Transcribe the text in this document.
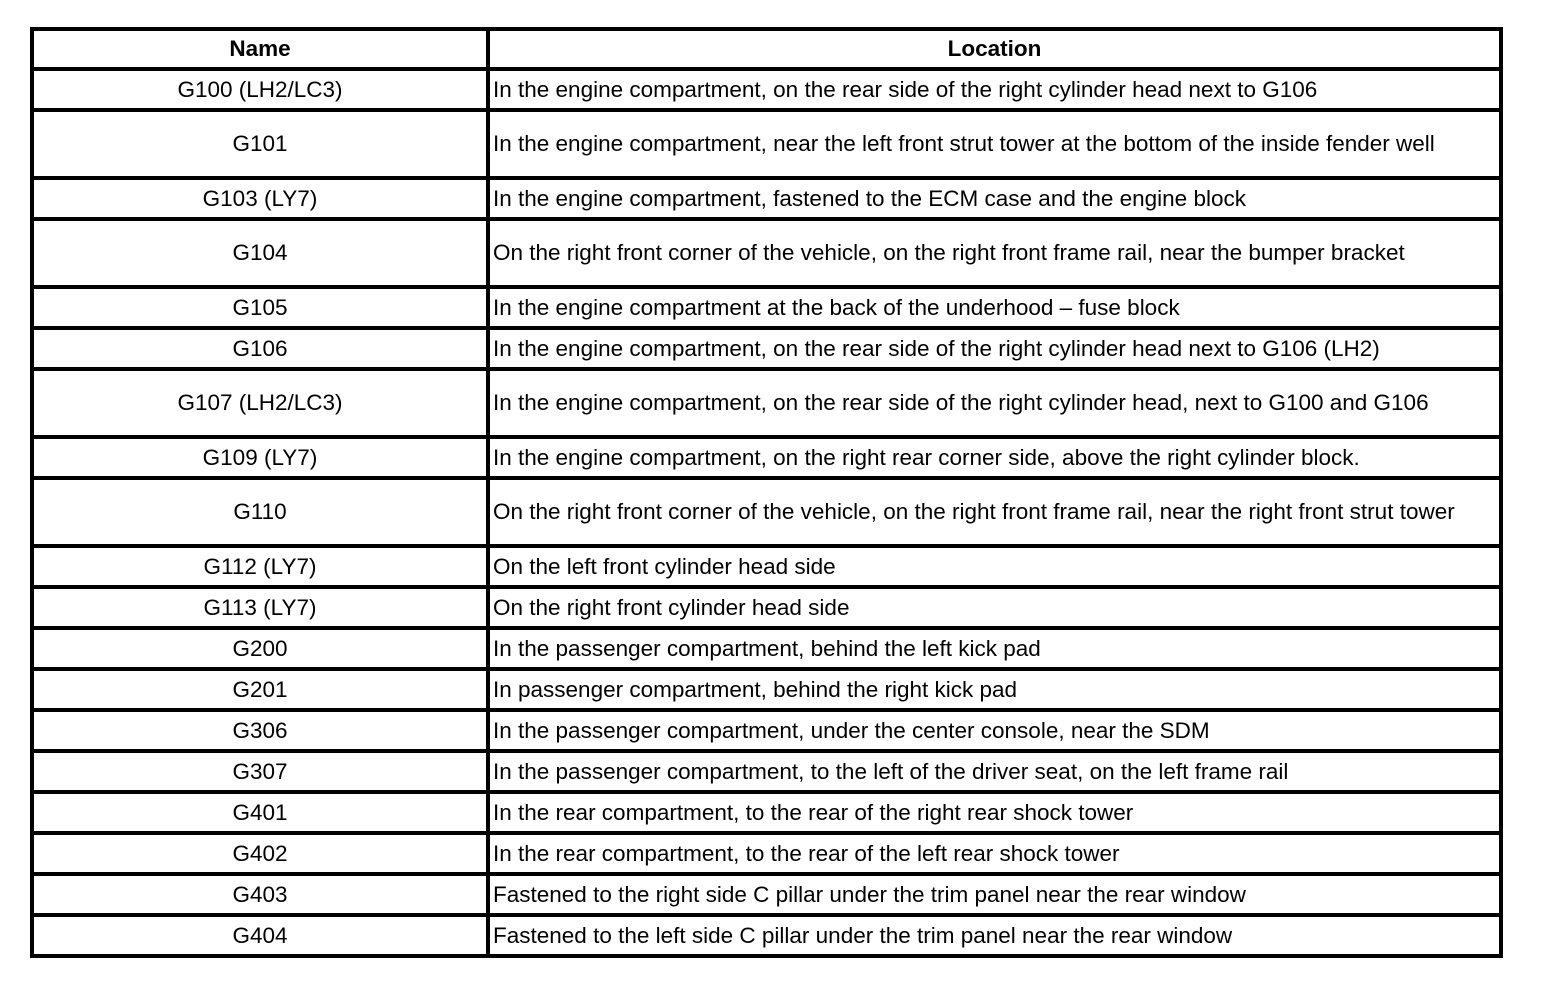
Name	Location
G100 (LH2/LC3)	In the engine compartment, on the rear side of the right cylinder head next to G106
G101	In the engine compartment, near the left front strut tower at the bottom of the inside fender well
G103 (LY7)	In the engine compartment, fastened to the ECM case and the engine block
G104	On the right front corner of the vehicle, on the right front frame rail, near the bumper bracket
G105	In the engine compartment at the back of the underhood – fuse block
G106	In the engine compartment, on the rear side of the right cylinder head next to G106 (LH2)
G107 (LH2/LC3)	In the engine compartment, on the rear side of the right cylinder head, next to G100 and G106
G109 (LY7)	In the engine compartment, on the right rear corner side, above the right cylinder block.
G110	On the right front corner of the vehicle, on the right front frame rail, near the right front strut tower
G112 (LY7)	On the left front cylinder head side
G113 (LY7)	On the right front cylinder head side
G200	In the passenger compartment, behind the left kick pad
G201	In passenger compartment, behind the right kick pad
G306	In the passenger compartment, under the center console, near the SDM
G307	In the passenger compartment, to the left of the driver seat, on the left frame rail
G401	In the rear compartment, to the rear of the right rear shock tower
G402	In the rear compartment, to the rear of the left rear shock tower
G403	Fastened to the right side C pillar under the trim panel near the rear window
G404	Fastened to the left side C pillar under the trim panel near the rear window
